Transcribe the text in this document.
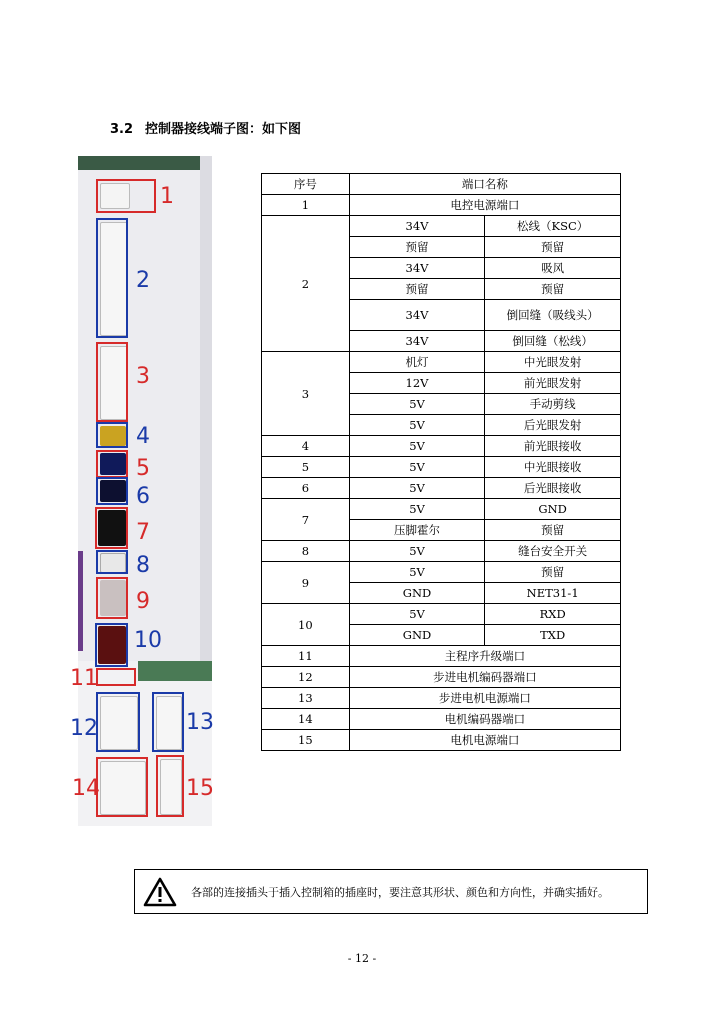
3.2 控制器接线端子图：如下图
1
2
3
4
5
6
7
8
9
10
11
12	13
14	15
序号	端口名称	
1	电控电源端口	
2	34V	松线（KSC）
	预留	预留
	34V	吸风
	预留	预留
	34V	倒回缝（吸线头）
	34V	倒回缝（松线）
3	机灯	中光眼发射
	12V	前光眼发射
	5V	手动剪线
	5V	后光眼发射
4	5V	前光眼接收
5	5V	中光眼接收
6	5V	后光眼接收
7	5V	GND
	压脚霍尔	预留
8	5V	缝台安全开关
9	5V	预留
	GND	NET31-1
10	5V	RXD
	GND	TXD
11	主程序升级端口	
12	步进电机编码器端口	
13	步进电机电源端口	
14	电机编码器端口	
15	电机电源端口	
各部的连接插头于插入控制箱的插座时，要注意其形状、颜色和方向性，并确实插好。
- 12 -
